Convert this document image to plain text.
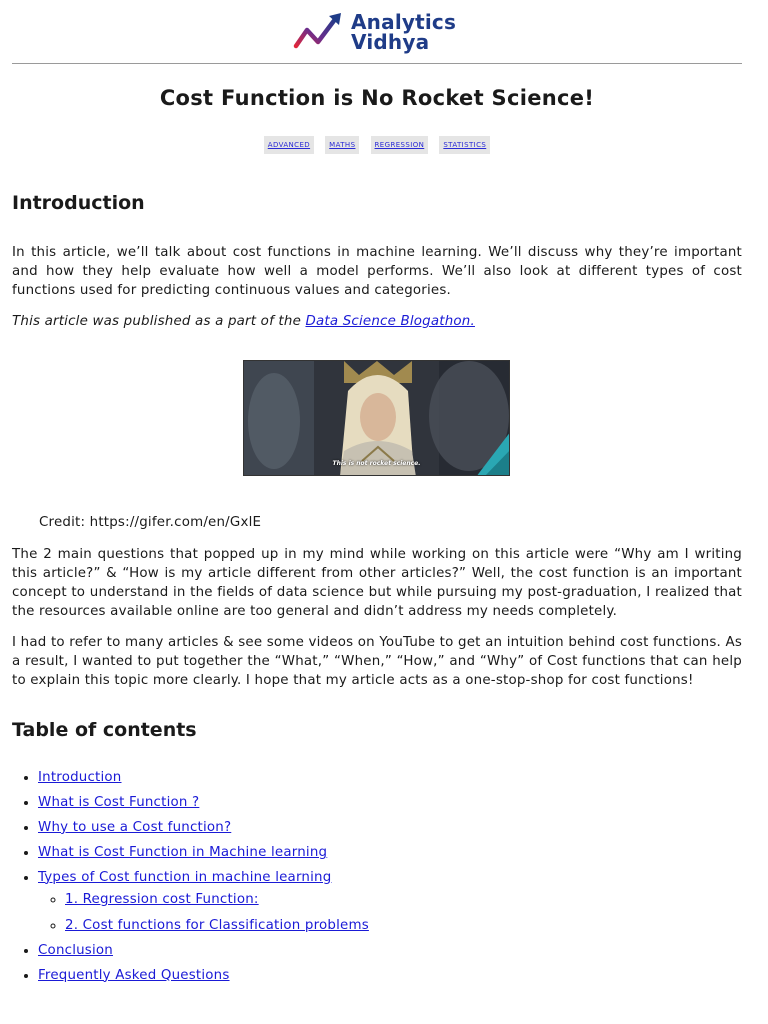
Analytics
Vidhya
Cost Function is No Rocket Science!
ADVANCED	MATHS	REGRESSION	STATISTICS
Introduction

In this article, we’ll talk about cost functions in machine learning. We’ll discuss why they’re important and how they help evaluate how well a model performs. We’ll also look at different types of cost functions used for predicting continuous values and categories.

This article was published as a part of the Data Science Blogathon.

This is not rocket science.
Credit: https://gifer.com/en/GxlE

The 2 main questions that popped up in my mind while working on this article were “Why am I writing this article?” & “How is my article different from other articles?” Well, the cost function is an important concept to understand in the fields of data science but while pursuing my post-graduation, I realized that the resources available online are too general and didn’t address my needs completely.

I had to refer to many articles & see some videos on YouTube to get an intuition behind cost functions. As a result, I wanted to put together the “What,” “When,” “How,” and “Why” of Cost functions that can help to explain this topic more clearly. I hope that my article acts as a one-stop-shop for cost functions!

Table of contents
• Introduction
• What is Cost Function ?
• Why to use a Cost function?
• What is Cost Function in Machine learning
• Types of Cost function in machine learning
◦ 1. Regression cost Function:
◦ 2. Cost functions for Classification problems
• Conclusion
• Frequently Asked Questions
